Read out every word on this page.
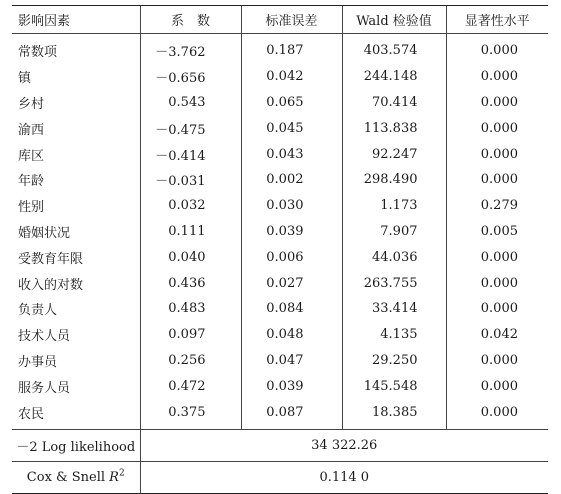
影响因素	系　数	标准误差	Wald 检验值	显著性水平
常数项	－3.762	0.187	403.574	0.000
镇	－0.656	0.042	244.148	0.000
乡村	0.543	0.065	70.414	0.000
渝西	－0.475	0.045	113.838	0.000
库区	－0.414	0.043	92.247	0.000
年龄	－0.031	0.002	298.490	0.000
性别	0.032	0.030	1.173	0.279
婚姻状况	0.111	0.039	7.907	0.005
受教育年限	0.040	0.006	44.036	0.000
收入的对数	0.436	0.027	263.755	0.000
负责人	0.483	0.084	33.414	0.000
技术人员	0.097	0.048	4.135	0.042
办事员	0.256	0.047	29.250	0.000
服务人员	0.472	0.039	145.548	0.000
农民	0.375	0.087	18.385	0.000
－2 Log likelihood	34 322.26			
Cox & Snell $R^2$	0.114 0			
